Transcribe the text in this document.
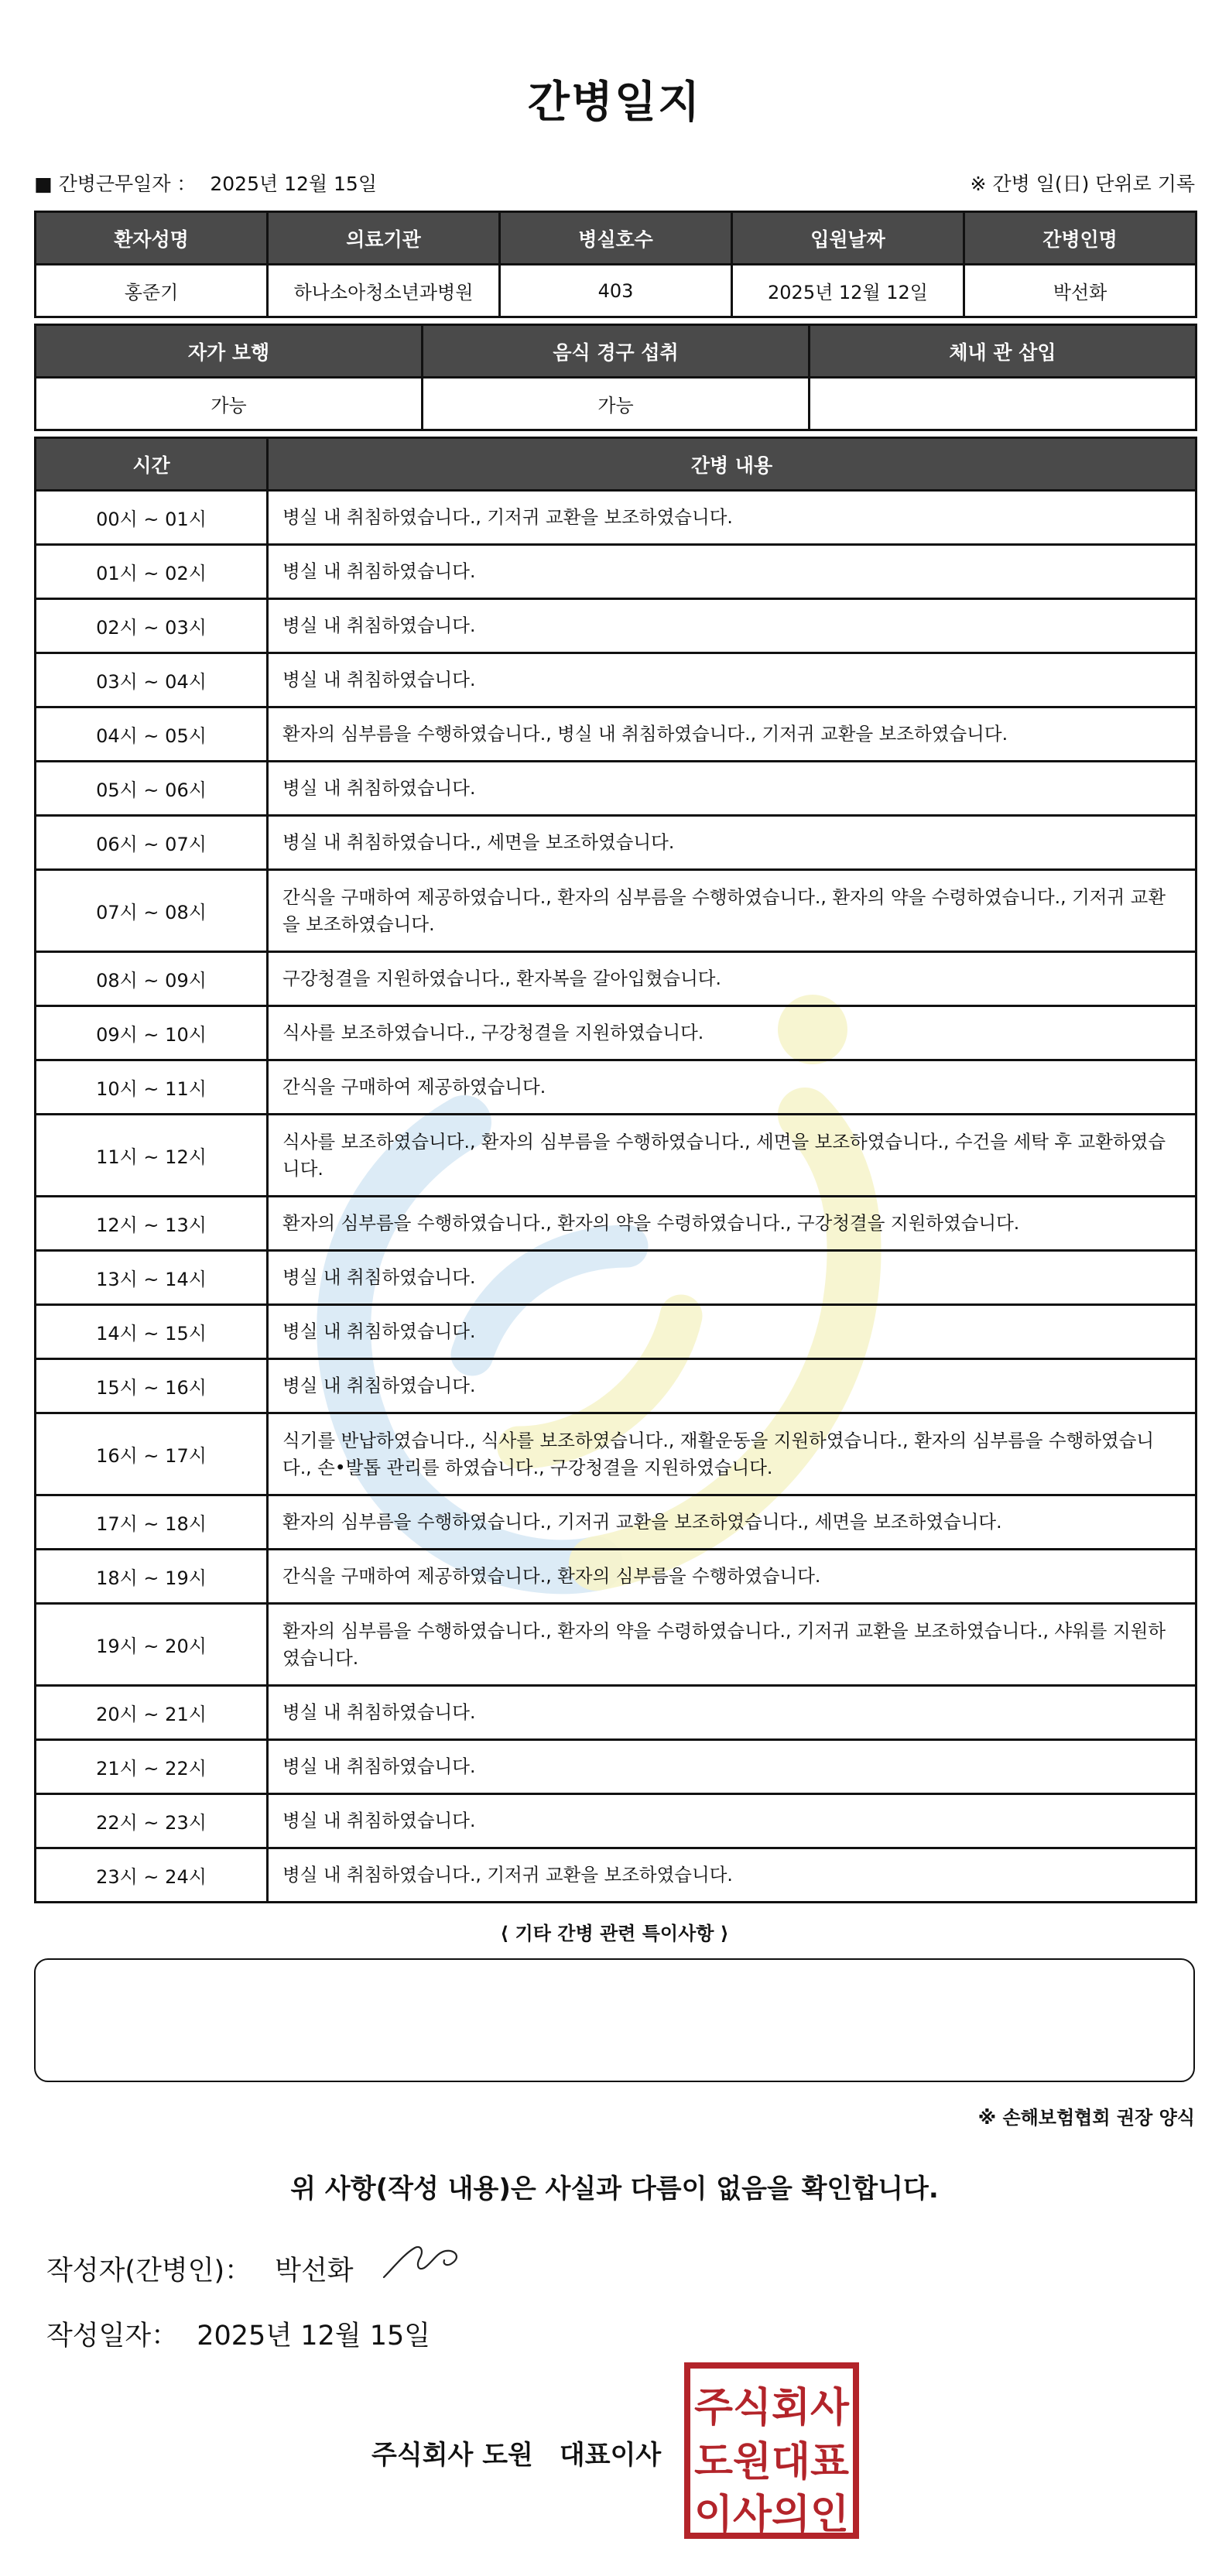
간병일지
■ 간병근무일자 ： 2025년 12월 15일	※ 간병 일(日) 단위로 기록
환자성명	의료기관	병실호수	입원날짜	간병인명
홍준기	하나소아청소년과병원	403	2025년 12월 12일	박선화
자가 보행	음식 경구 섭취	체내 관 삽입
가능	가능	
시간	간병 내용
00시 ~ 01시	병실 내 취침하였습니다., 기저귀 교환을 보조하였습니다.
01시 ~ 02시	병실 내 취침하였습니다.
02시 ~ 03시	병실 내 취침하였습니다.
03시 ~ 04시	병실 내 취침하였습니다.
04시 ~ 05시	환자의 심부름을 수행하였습니다., 병실 내 취침하였습니다., 기저귀 교환을 보조하였습니다.
05시 ~ 06시	병실 내 취침하였습니다.
06시 ~ 07시	병실 내 취침하였습니다., 세면을 보조하였습니다.
07시 ~ 08시	간식을 구매하여 제공하였습니다., 환자의 심부름을 수행하였습니다., 환자의 약을 수령하였습니다., 기저귀 교환을 보조하였습니다.
08시 ~ 09시	구강청결을 지원하였습니다., 환자복을 갈아입혔습니다.
09시 ~ 10시	식사를 보조하였습니다., 구강청결을 지원하였습니다.
10시 ~ 11시	간식을 구매하여 제공하였습니다.
11시 ~ 12시	식사를 보조하였습니다., 환자의 심부름을 수행하였습니다., 세면을 보조하였습니다., 수건을 세탁 후 교환하였습니다.
12시 ~ 13시	환자의 심부름을 수행하였습니다., 환자의 약을 수령하였습니다., 구강청결을 지원하였습니다.
13시 ~ 14시	병실 내 취침하였습니다.
14시 ~ 15시	병실 내 취침하였습니다.
15시 ~ 16시	병실 내 취침하였습니다.
16시 ~ 17시	식기를 반납하였습니다., 식사를 보조하였습니다., 재활운동을 지원하였습니다., 환자의 심부름을 수행하였습니다., 손•발톱 관리를 하였습니다., 구강청결을 지원하였습니다.
17시 ~ 18시	환자의 심부름을 수행하였습니다., 기저귀 교환을 보조하였습니다., 세면을 보조하였습니다.
18시 ~ 19시	간식을 구매하여 제공하였습니다., 환자의 심부름을 수행하였습니다.
19시 ~ 20시	환자의 심부름을 수행하였습니다., 환자의 약을 수령하였습니다., 기저귀 교환을 보조하였습니다., 샤워를 지원하였습니다.
20시 ~ 21시	병실 내 취침하였습니다.
21시 ~ 22시	병실 내 취침하였습니다.
22시 ~ 23시	병실 내 취침하였습니다.
23시 ~ 24시	병실 내 취침하였습니다., 기저귀 교환을 보조하였습니다.
⟨ 기타 간병 관련 특이사항 ⟩
※ 손해보험협회 권장 양식
위 사항(작성 내용)은 사실과 다름이 없음을 확인합니다.
작성자(간병인)： 박선화
작성일자： 2025년 12월 15일
주식회사 도원　대표이사
주식회사
도원대표
이사의인
